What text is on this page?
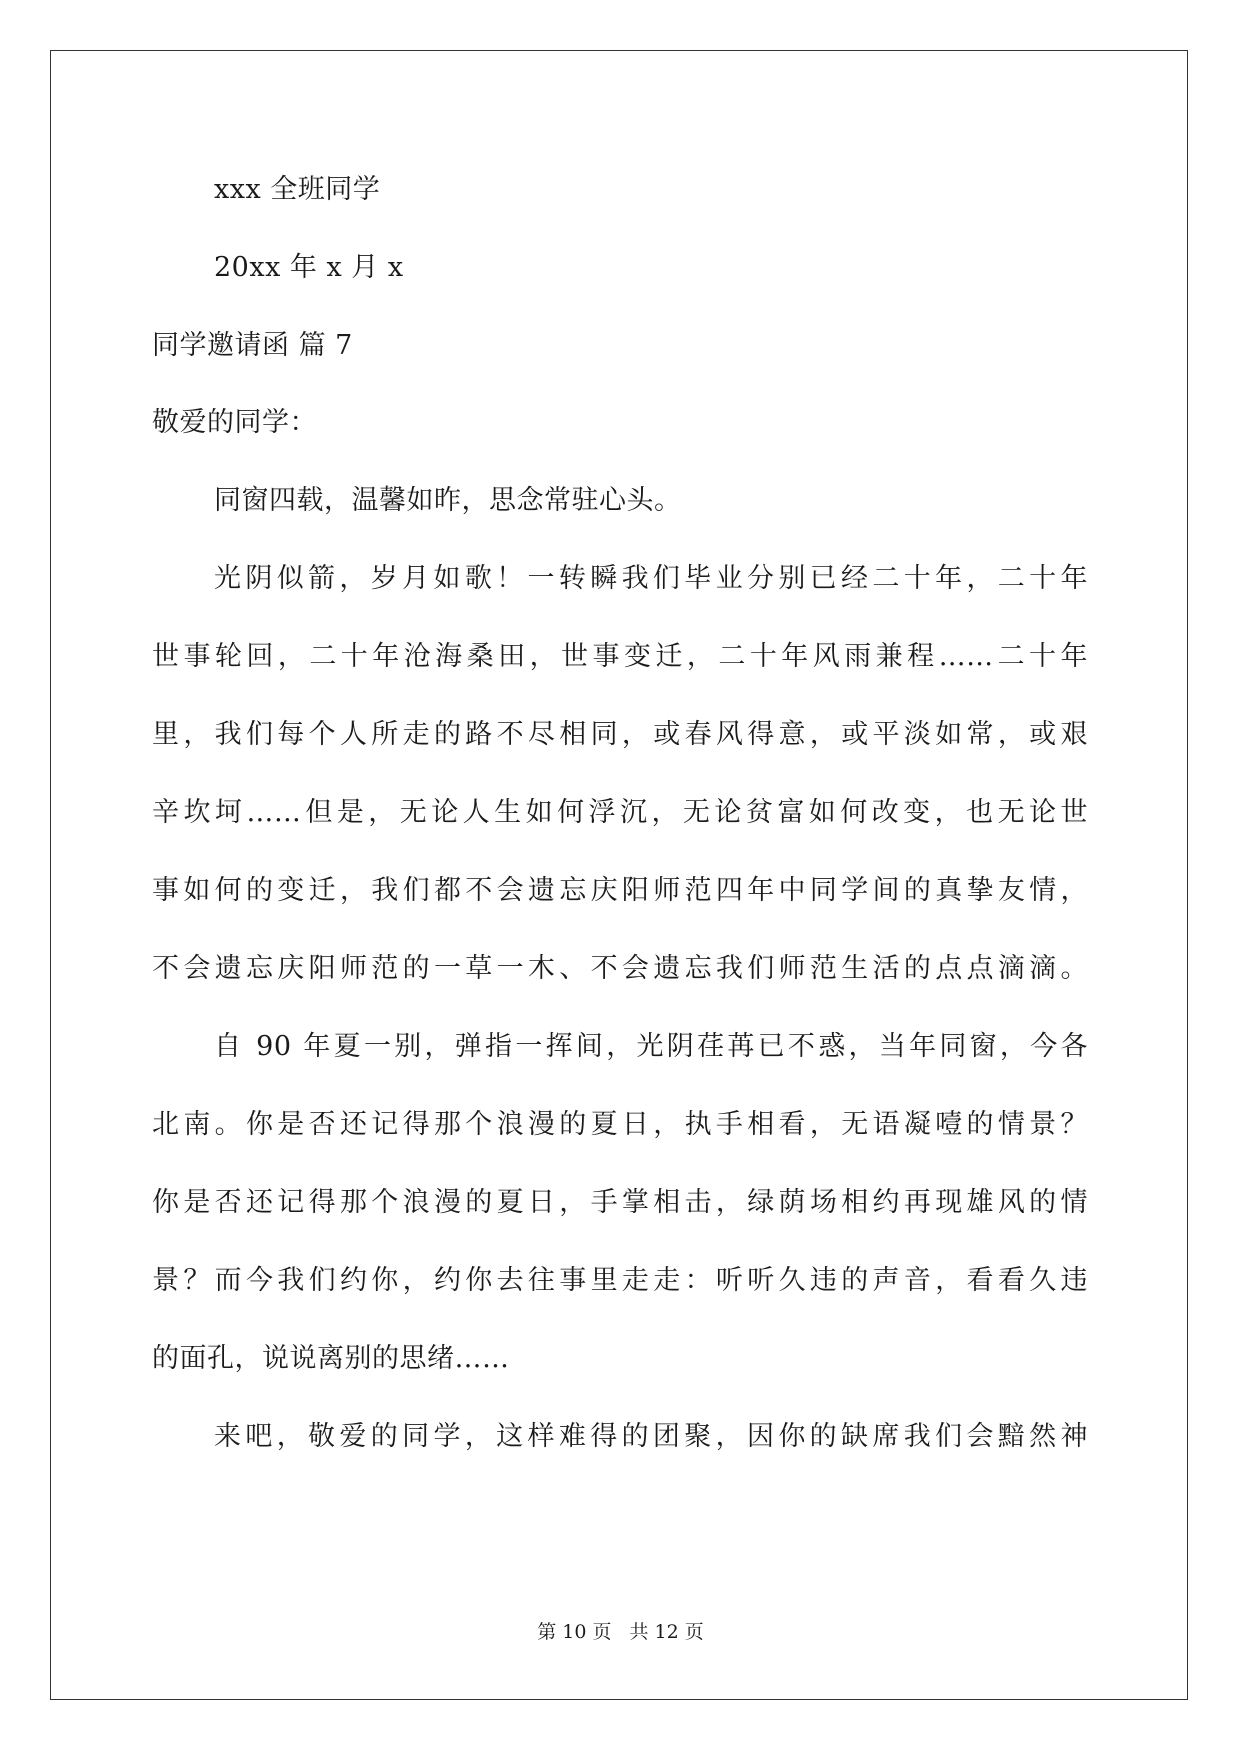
xxx 全班同学
20xx 年 x 月 x
同学邀请函 篇 7
敬爱的同学：
同窗四载，温馨如昨，思念常驻心头。
光阴似箭，岁月如歌！一转瞬我们毕业分别已经二十年，二十年
世事轮回，二十年沧海桑田，世事变迁，二十年风雨兼程……二十年
里，我们每个人所走的路不尽相同，或春风得意，或平淡如常，或艰
辛坎坷……但是，无论人生如何浮沉，无论贫富如何改变，也无论世
事如何的变迁，我们都不会遗忘庆阳师范四年中同学间的真挚友情，
不会遗忘庆阳师范的一草一木、不会遗忘我们师范生活的点点滴滴。
自 90 年夏一别，弹指一挥间，光阴荏苒已不惑，当年同窗，今各
北南。你是否还记得那个浪漫的夏日，执手相看，无语凝噎的情景？
你是否还记得那个浪漫的夏日，手掌相击，绿荫场相约再现雄风的情
景？而今我们约你，约你去往事里走走：听听久违的声音，看看久违
的面孔，说说离别的思绪……
来吧，敬爱的同学，这样难得的团聚，因你的缺席我们会黯然神
第 10 页 共 12 页
